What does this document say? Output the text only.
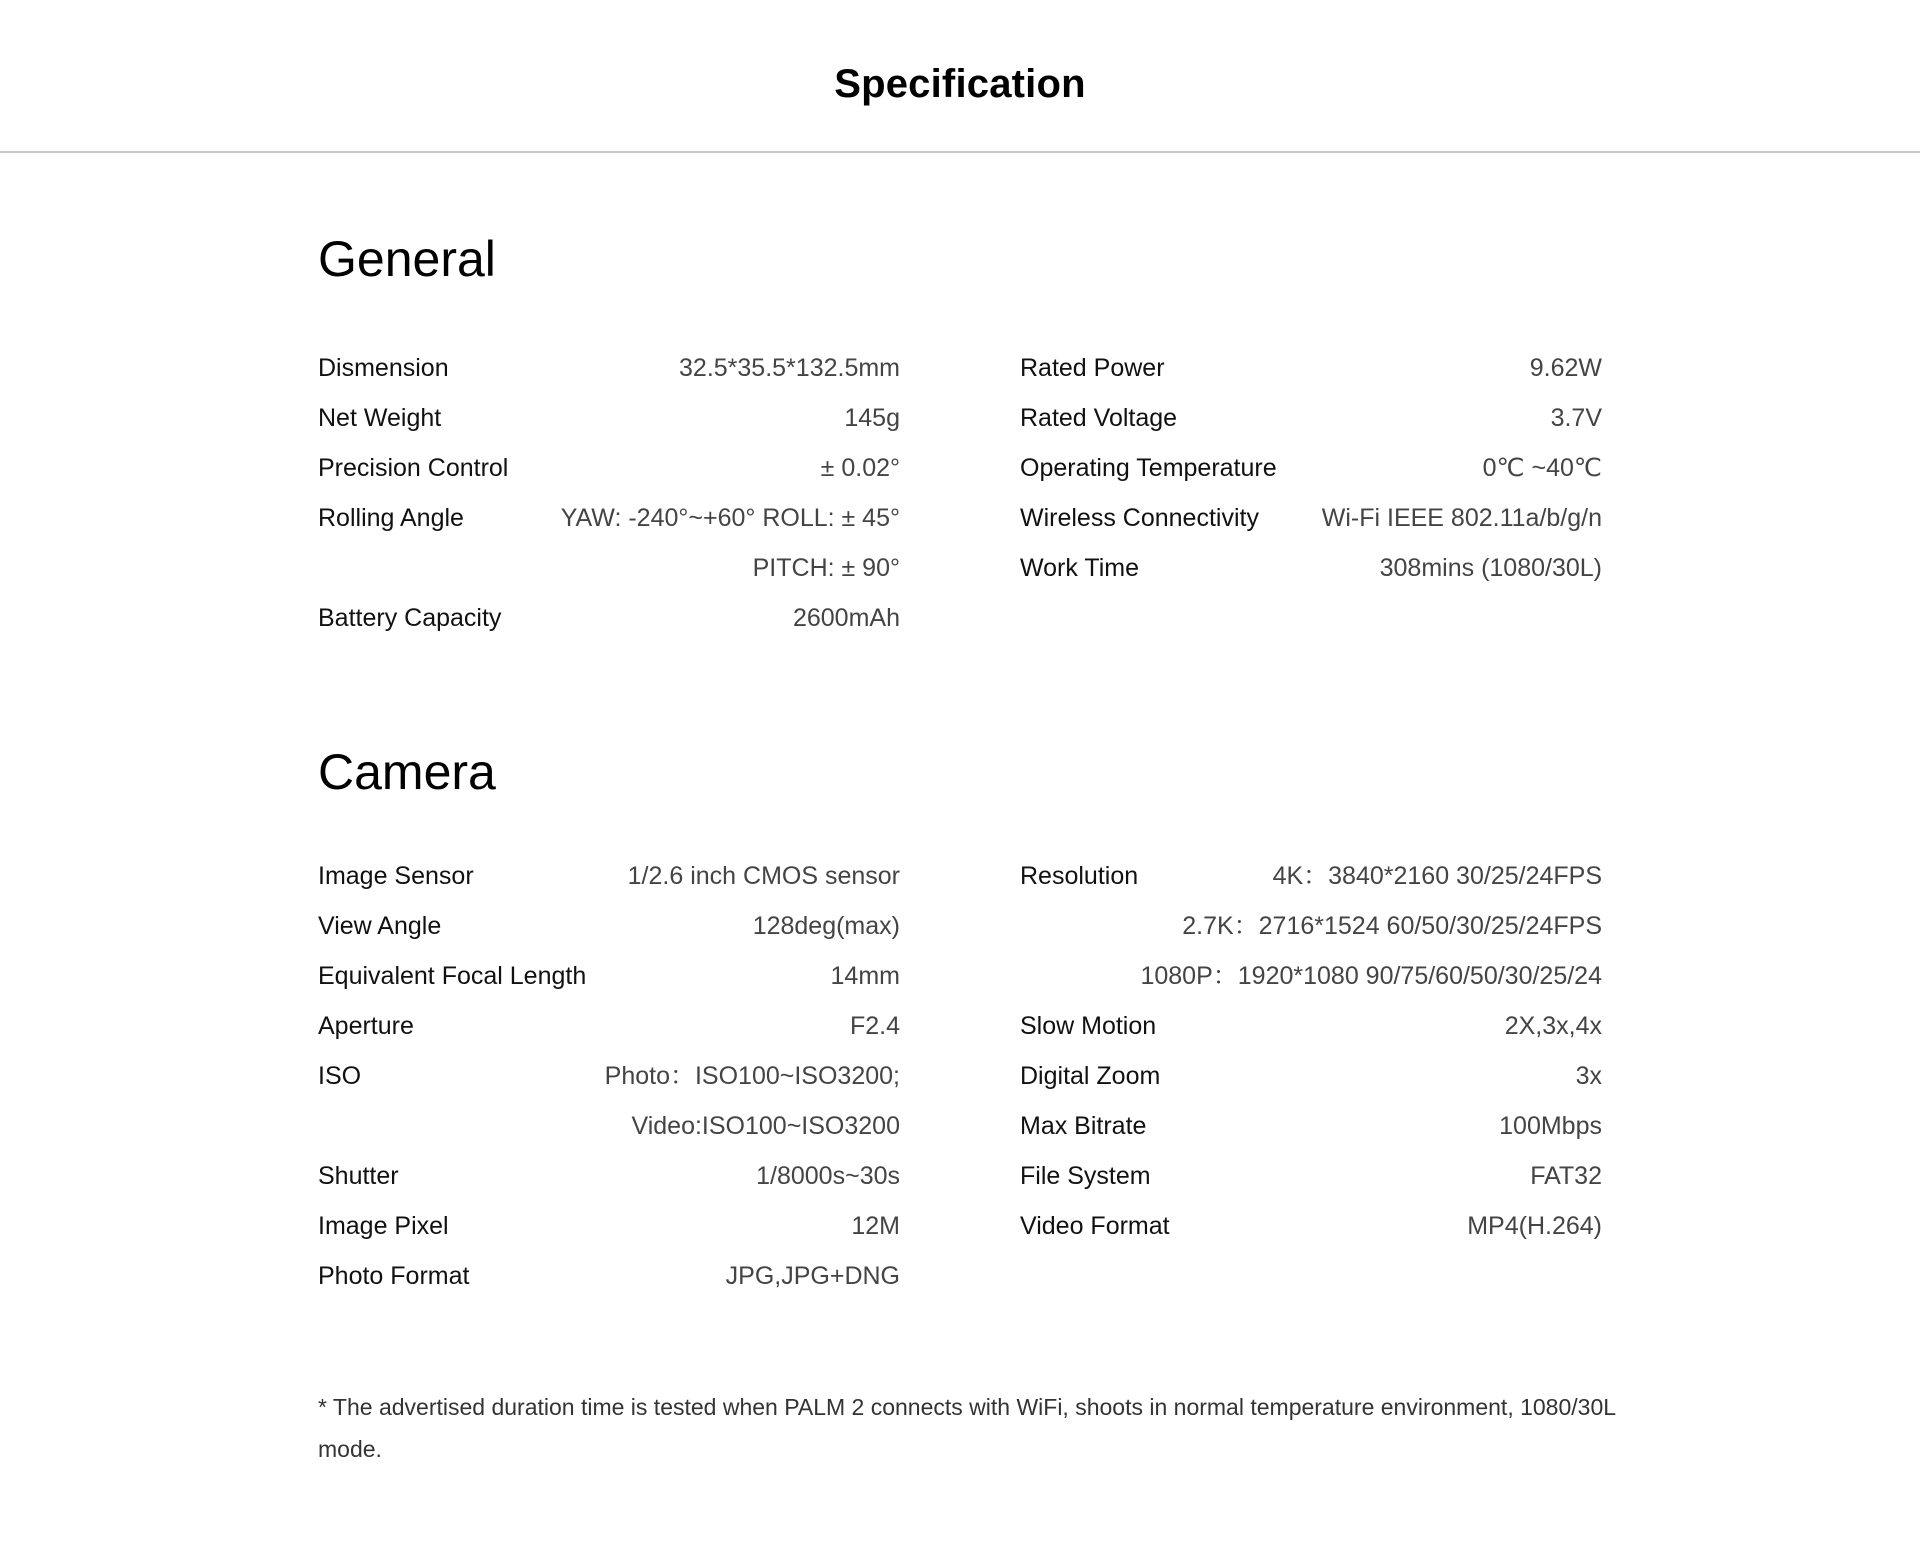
Specification
General
Dismension	32.5*35.5*132.5mm
Net Weight	145g
Precision Control	± 0.02°
Rolling Angle	YAW: -240°~+60° ROLL: ± 45°
PITCH: ± 90°
Battery Capacity	2600mAh
Rated Power	9.62W
Rated Voltage	3.7V
Operating Temperature	0℃ ~40℃
Wireless Connectivity	Wi-Fi IEEE 802.11a/b/g/n
Work Time	308mins (1080/30L)
Camera
Image Sensor	1/2.6 inch CMOS sensor
View Angle	128deg(max)
Equivalent Focal Length	14mm
Aperture	F2.4
ISO	Photo：ISO100~ISO3200;
Video:ISO100~ISO3200
Shutter	1/8000s~30s
Image Pixel	12M
Photo Format	JPG,JPG+DNG
Resolution	4K：3840*2160 30/25/24FPS
2.7K：2716*1524 60/50/30/25/24FPS
1080P：1920*1080 90/75/60/50/30/25/24
Slow Motion	2X,3x,4x
Digital Zoom	3x
Max Bitrate	100Mbps
File System	FAT32
Video Format	MP4(H.264)

* The advertised duration time is tested when PALM 2 connects with WiFi, shoots in normal temperature environment, 1080/30L mode.
